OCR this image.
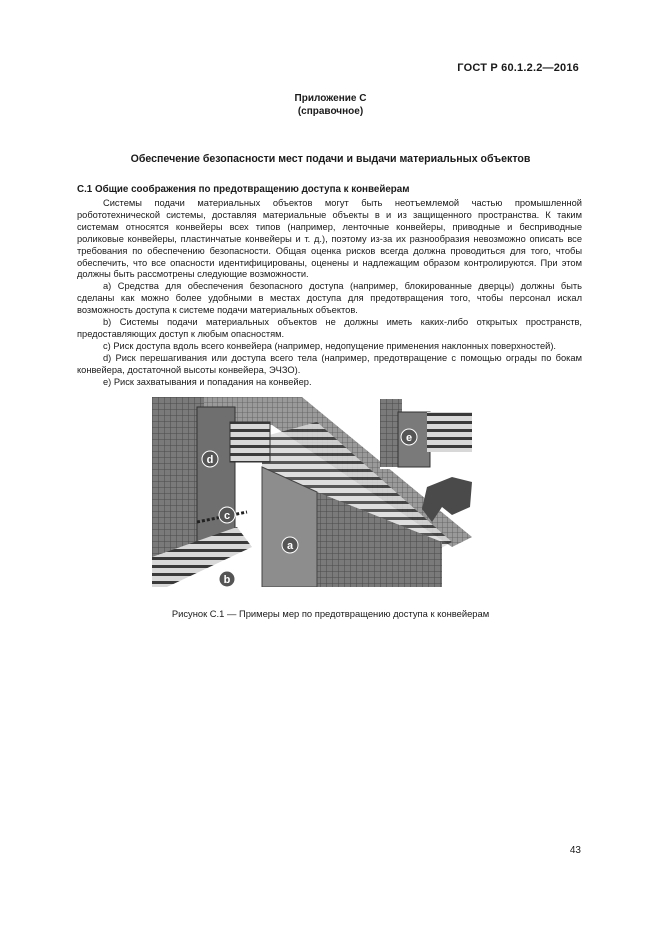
ГОСТ Р 60.1.2.2—2016
Приложение С
(справочное)
Обеспечение безопасности мест подачи и выдачи материальных объектов
С.1 Общие соображения по предотвращению доступа к конвейерам

Системы подачи материальных объектов могут быть неотъемлемой частью промышленной робототехнической системы, доставляя материальные объекты в и из защищенного пространства. К таким системам относятся конвейеры всех типов (например, ленточные конвейеры, приводные и бесприводные роликовые конвейеры, пластинчатые конвейеры и т. д.), поэтому из-за их разнообразия невозможно описать все требования по обеспечению безопасности. Общая оценка рисков всегда должна проводиться для того, чтобы обеспечить, что все опасности идентифицированы, оценены и надлежащим образом контролируются. При этом должны быть рассмотрены следующие возможности.

а) Средства для обеспечения безопасного доступа (например, блокированные дверцы) должны быть сделаны как можно более удобными в местах доступа для предотвращения того, чтобы персонал искал возможность доступа к системе подачи материальных объектов.

b) Системы подачи материальных объектов не должны иметь каких-либо открытых пространств, предоставляющих доступ к любым опасностям.

c) Риск доступа вдоль всего конвейера (например, недопущение применения наклонных поверхностей).

d) Риск перешагивания или доступа всего тела (например, предотвращение с помощью ограды по бокам конвейера, достаточной высоты конвейера, ЭЧЗО).

е) Риск захватывания и попадания на конвейер.

a
b
c
d
e
Рисунок С.1 — Примеры мер по предотвращению доступа к конвейерам
43
